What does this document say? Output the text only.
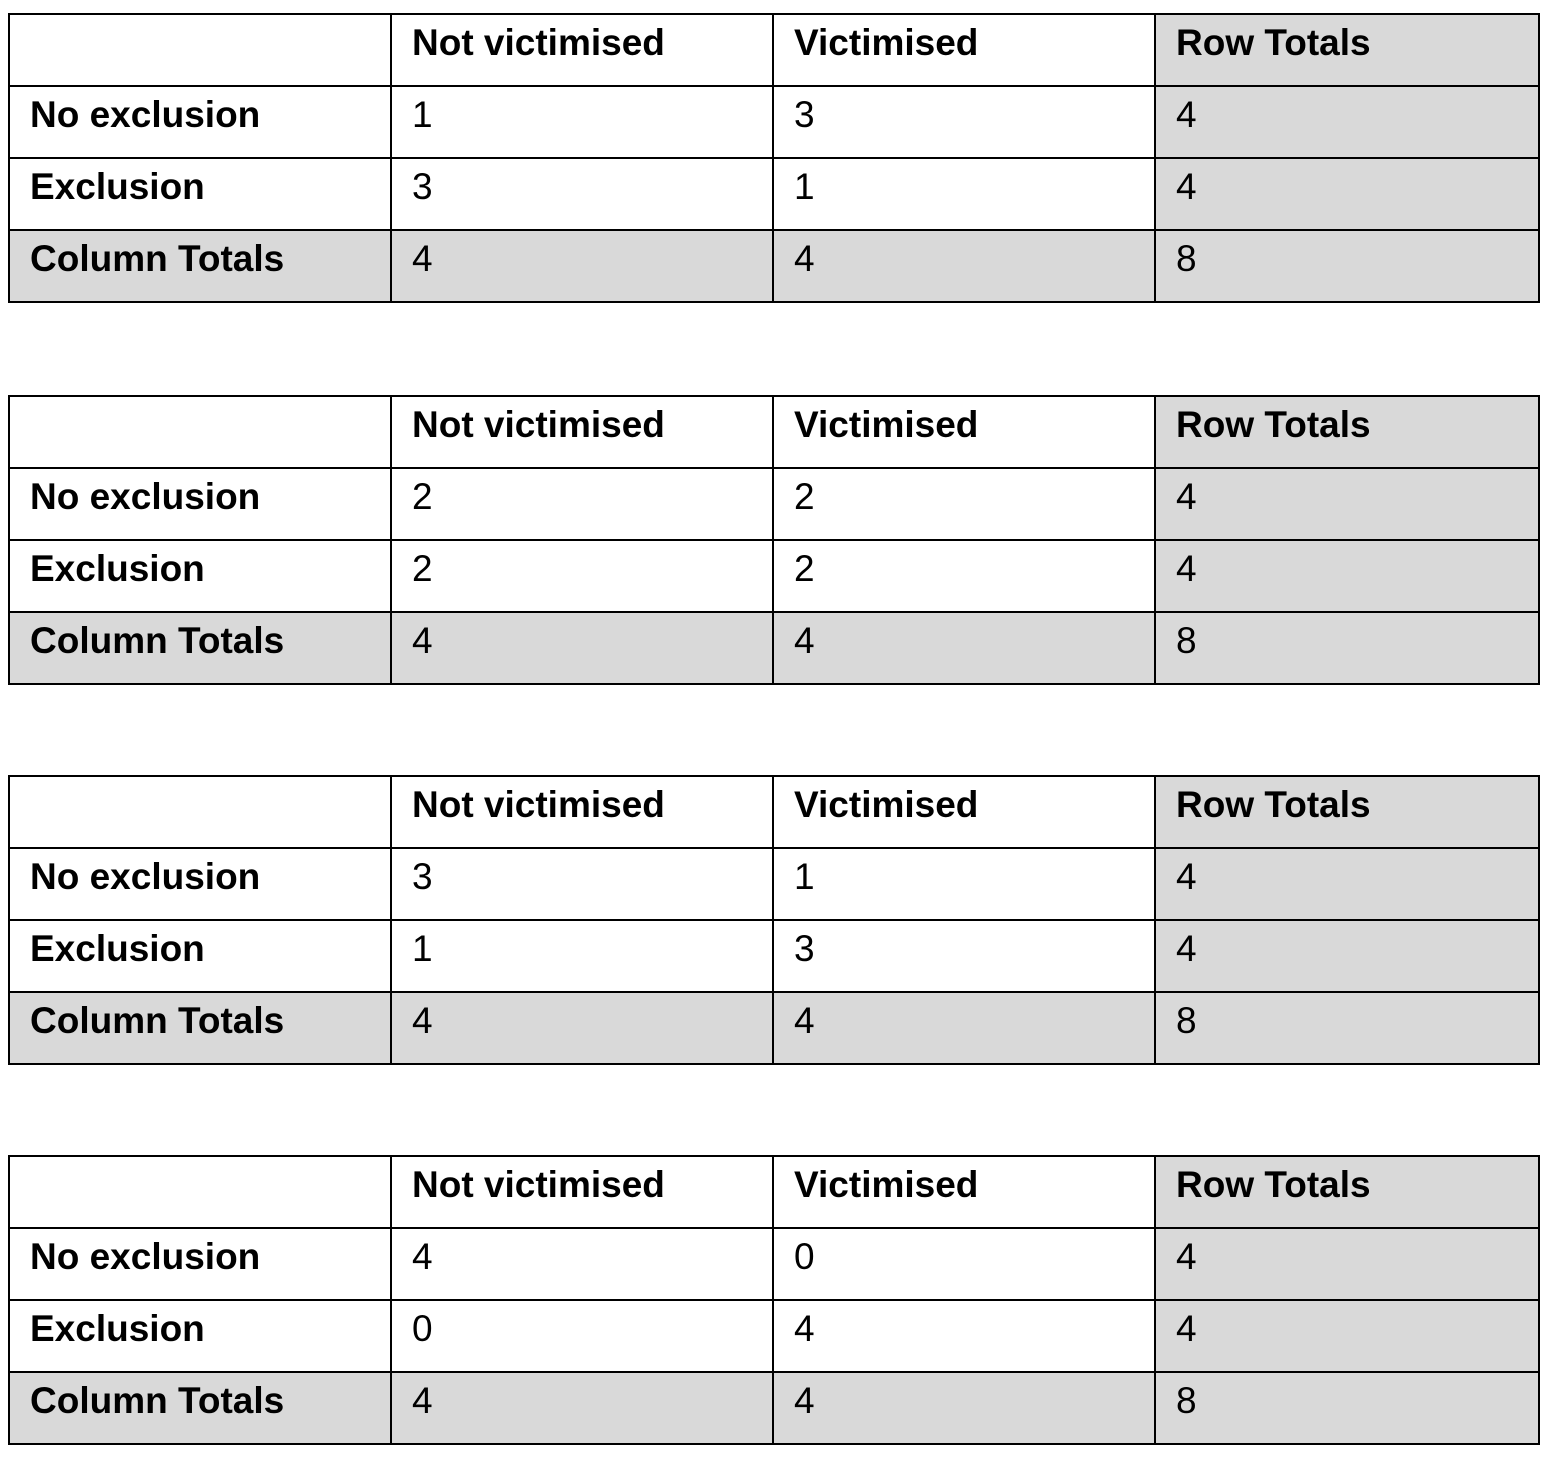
	Not victimised	Victimised	Row Totals
No exclusion	1	3	4
Exclusion	3	1	4
Column Totals	4	4	8
	Not victimised	Victimised	Row Totals
No exclusion	2	2	4
Exclusion	2	2	4
Column Totals	4	4	8
	Not victimised	Victimised	Row Totals
No exclusion	3	1	4
Exclusion	1	3	4
Column Totals	4	4	8
	Not victimised	Victimised	Row Totals
No exclusion	4	0	4
Exclusion	0	4	4
Column Totals	4	4	8
